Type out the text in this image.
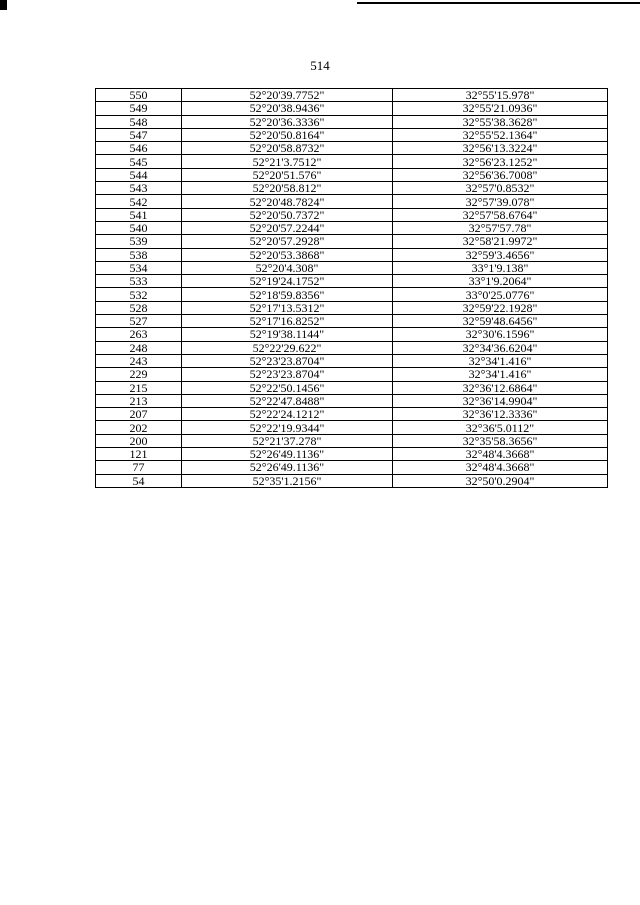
514
550	52°20'39.7752"	32°55'15.978"
549	52°20'38.9436"	32°55'21.0936"
548	52°20'36.3336"	32°55'38.3628"
547	52°20'50.8164"	32°55'52.1364"
546	52°20'58.8732"	32°56'13.3224"
545	52°21'3.7512"	32°56'23.1252"
544	52°20'51.576"	32°56'36.7008"
543	52°20'58.812"	32°57'0.8532"
542	52°20'48.7824"	32°57'39.078"
541	52°20'50.7372"	32°57'58.6764"
540	52°20'57.2244"	32°57'57.78"
539	52°20'57.2928"	32°58'21.9972"
538	52°20'53.3868"	32°59'3.4656"
534	52°20'4.308"	33°1'9.138"
533	52°19'24.1752"	33°1'9.2064"
532	52°18'59.8356"	33°0'25.0776"
528	52°17'13.5312"	32°59'22.1928"
527	52°17'16.8252"	32°59'48.6456"
263	52°19'38.1144"	32°30'6.1596"
248	52°22'29.622"	32°34'36.6204"
243	52°23'23.8704"	32°34'1.416"
229	52°23'23.8704"	32°34'1.416"
215	52°22'50.1456"	32°36'12.6864"
213	52°22'47.8488"	32°36'14.9904"
207	52°22'24.1212"	32°36'12.3336"
202	52°22'19.9344"	32°36'5.0112"
200	52°21'37.278"	32°35'58.3656"
121	52°26'49.1136"	32°48'4.3668"
77	52°26'49.1136"	32°48'4.3668"
54	52°35'1.2156"	32°50'0.2904"
